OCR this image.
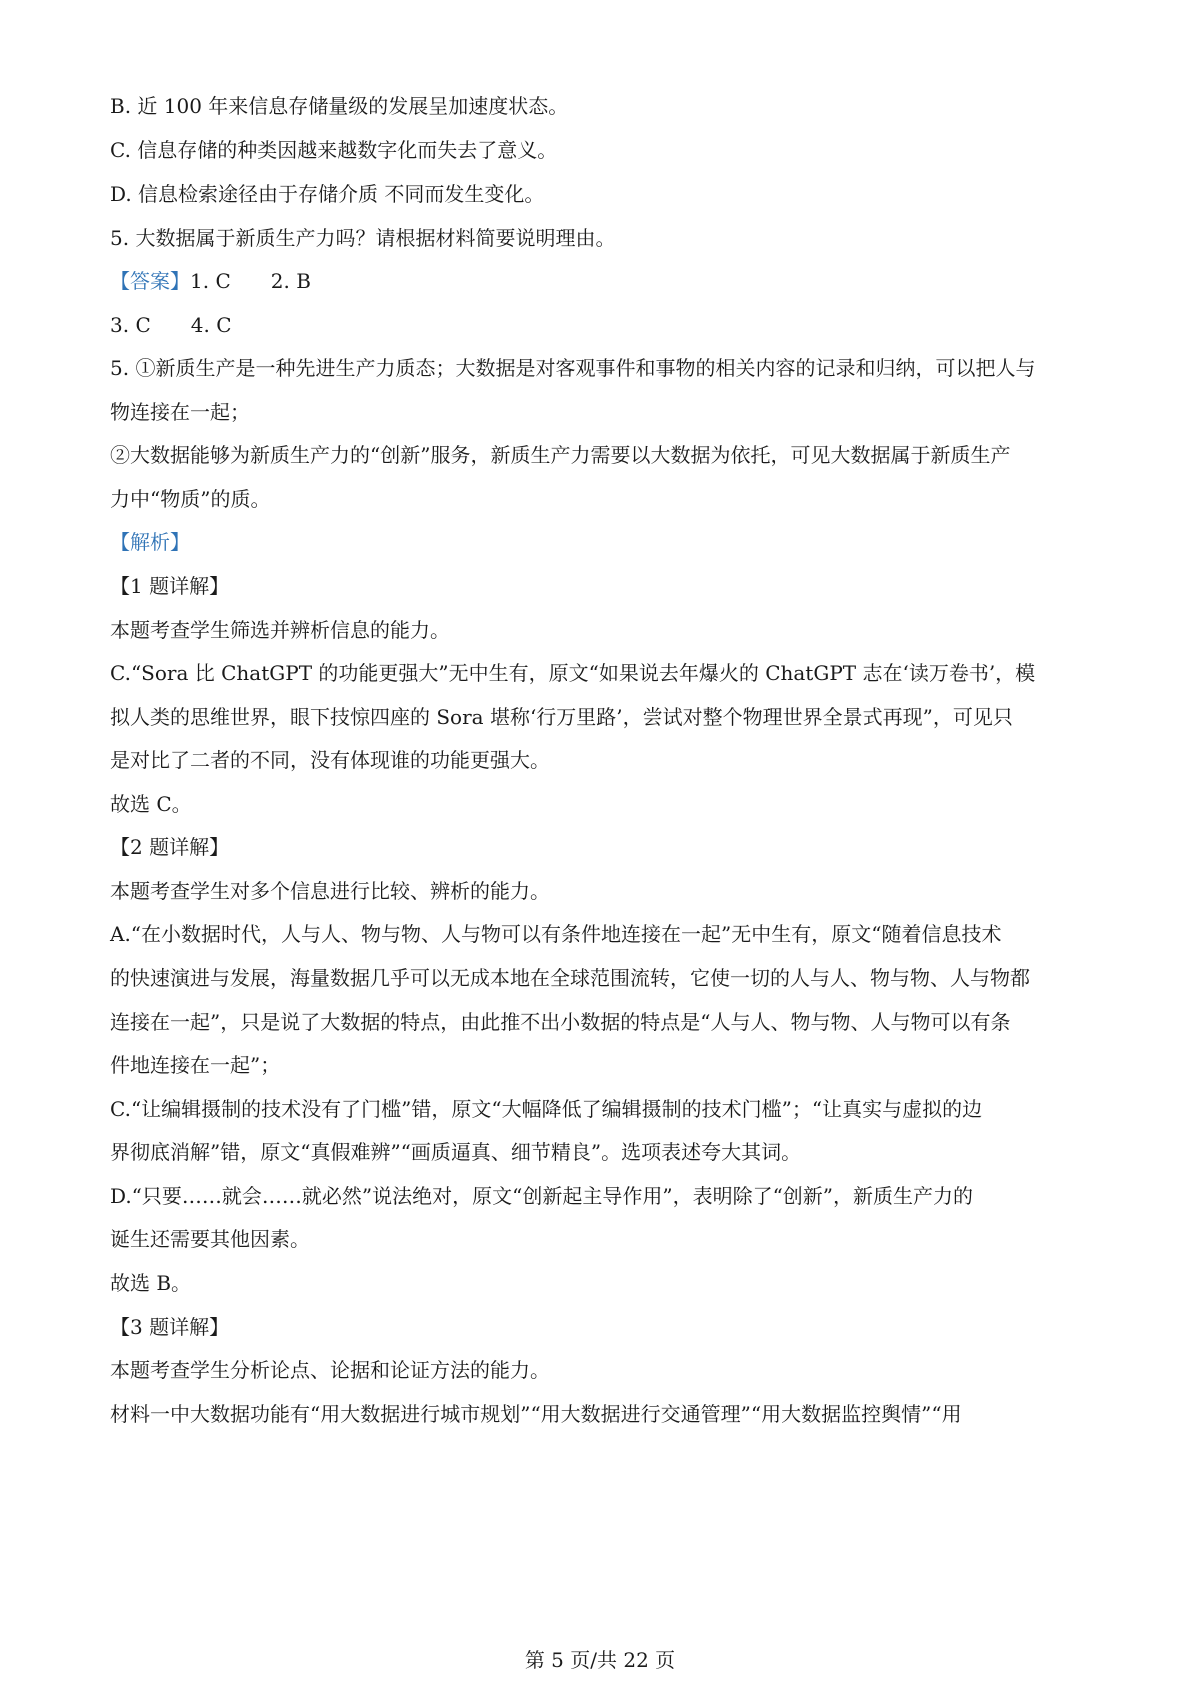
B. 近 100 年来信息存储量级的发展呈加速度状态。
C. 信息存储的种类因越来越数字化而失去了意义。
D. 信息检索途径由于存储介质 不同而发生变化。
5. 大数据属于新质生产力吗？请根据材料简要说明理由。
【答案】1. C 2. B
3. C 4. C
5. ①新质生产是一种先进生产力质态；大数据是对客观事件和事物的相关内容的记录和归纳，可以把人与
物连接在一起；
②大数据能够为新质生产力的“创新”服务，新质生产力需要以大数据为依托，可见大数据属于新质生产
力中“物质”的质。
【解析】
【1 题详解】
本题考查学生筛选并辨析信息的能力。
C.“Sora 比 ChatGPT 的功能更强大”无中生有，原文“如果说去年爆火的 ChatGPT 志在‘读万卷书’，模
拟人类的思维世界，眼下技惊四座的 Sora 堪称‘行万里路’，尝试对整个物理世界全景式再现”，可见只
是对比了二者的不同，没有体现谁的功能更强大。
故选 C。
【2 题详解】
本题考查学生对多个信息进行比较、辨析的能力。
A.“在小数据时代，人与人、物与物、人与物可以有条件地连接在一起”无中生有，原文“随着信息技术
的快速演进与发展，海量数据几乎可以无成本地在全球范围流转，它使一切的人与人、物与物、人与物都
连接在一起”，只是说了大数据的特点，由此推不出小数据的特点是“人与人、物与物、人与物可以有条
件地连接在一起”；
C.“让编辑摄制的技术没有了门槛”错，原文“大幅降低了编辑摄制的技术门槛”；“让真实与虚拟的边
界彻底消解”错，原文“真假难辨”“画质逼真、细节精良”。选项表述夸大其词。
D.“只要……就会……就必然”说法绝对，原文“创新起主导作用”，表明除了“创新”，新质生产力的
诞生还需要其他因素。
故选 B。
【3 题详解】
本题考查学生分析论点、论据和论证方法的能力。
材料一中大数据功能有“用大数据进行城市规划”“用大数据进行交通管理”“用大数据监控舆情”“用
第 5 页/共 22 页
